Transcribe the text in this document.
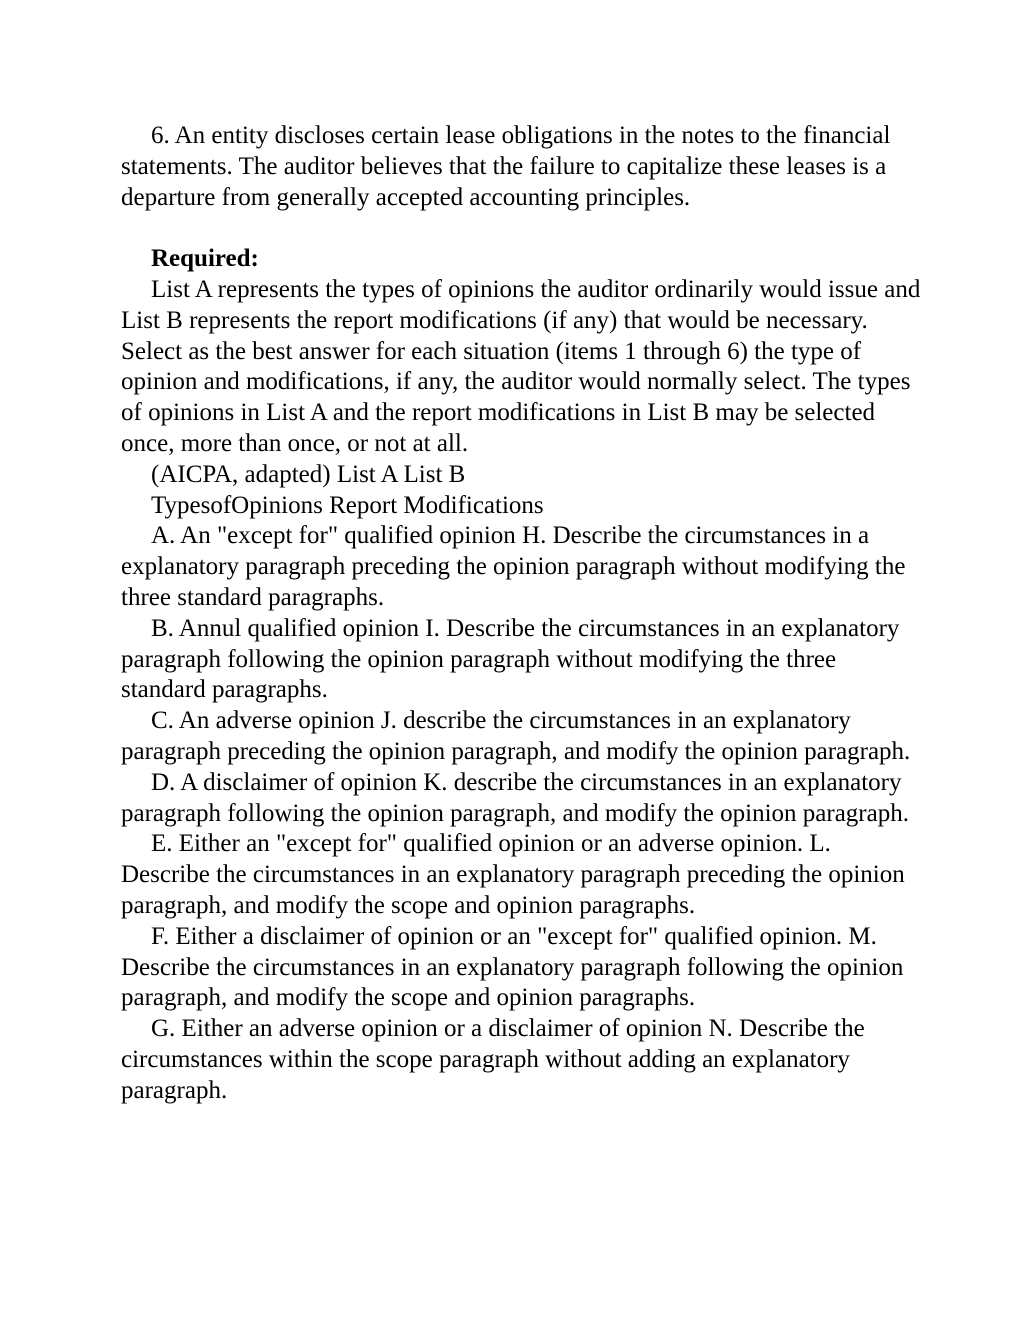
6. An entity discloses certain lease obligations in the notes to the financial statements. The auditor believes that the failure to capitalize these leases is a departure from generally accepted accounting principles.

Required:

List A represents the types of opinions the auditor ordinarily would issue and List B represents the report modifications (if any) that would be necessary. Select as the best answer for each situation (items 1 through 6) the type of opinion and modifications, if any, the auditor would normally select. The types of opinions in List A and the report modifications in List B may be selected once, more than once, or not at all.

(AICPA, adapted) List A List B

TypesofOpinions Report Modifications

A. An "except for" qualified opinion H. Describe the circumstances in a explanatory paragraph preceding the opinion paragraph without modifying the three standard paragraphs.

B. Annul qualified opinion I. Describe the circumstances in an explanatory paragraph following the opinion paragraph without modifying the three standard paragraphs.

C. An adverse opinion J. describe the circumstances in an explanatory paragraph preceding the opinion paragraph, and modify the opinion paragraph.

D. A disclaimer of opinion K. describe the circumstances in an explanatory paragraph following the opinion paragraph, and modify the opinion paragraph.

E. Either an "except for" qualified opinion or an adverse opinion. L. Describe the circumstances in an explanatory paragraph preceding the opinion paragraph, and modify the scope and opinion paragraphs.

F. Either a disclaimer of opinion or an "except for" qualified opinion. M. Describe the circumstances in an explanatory paragraph following the opinion paragraph, and modify the scope and opinion paragraphs.

G. Either an adverse opinion or a disclaimer of opinion N. Describe the circumstances within the scope paragraph without adding an explanatory paragraph.
